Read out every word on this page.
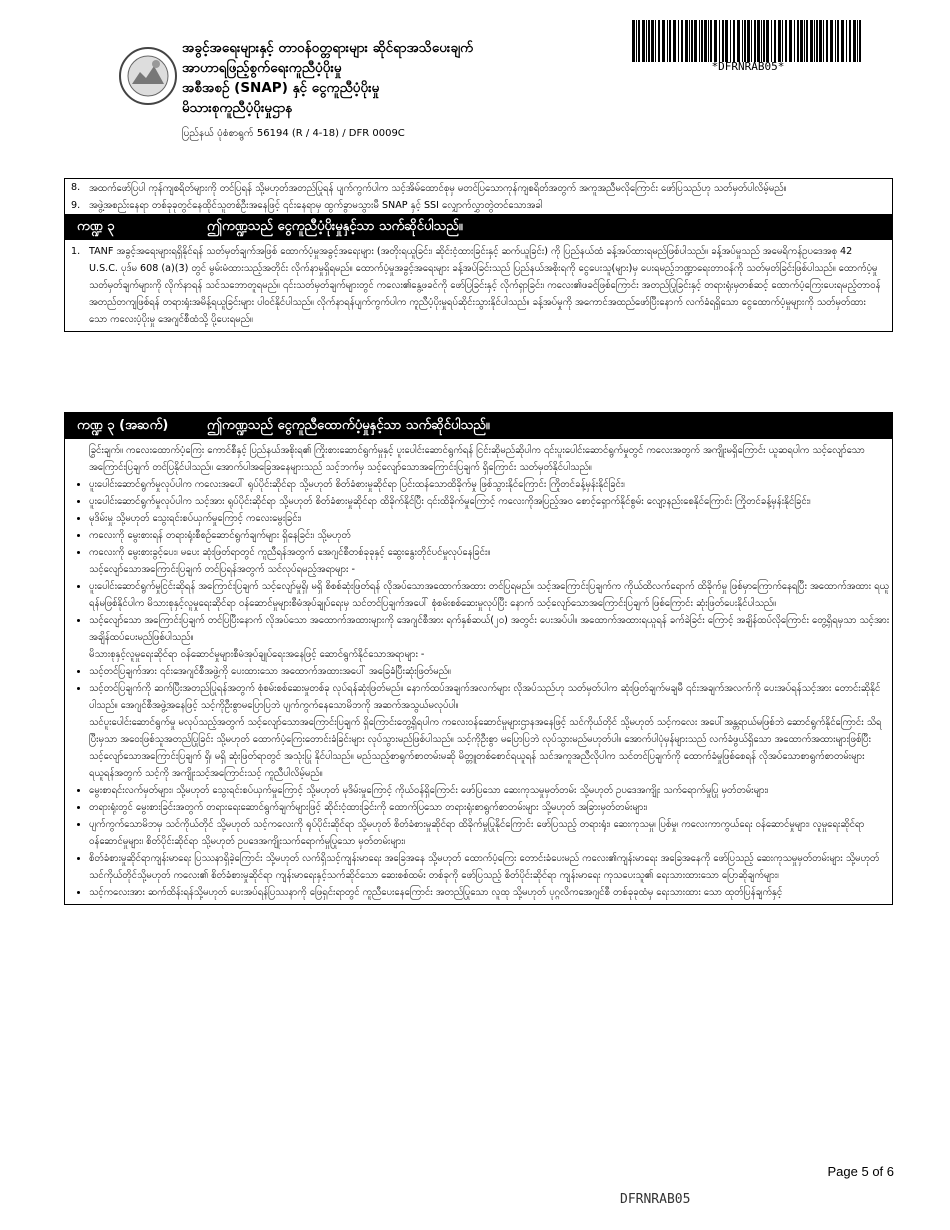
အခွင့်အရေးများနှင့် တာဝန်ဝတ္တရားများ ဆိုင်ရာအသိပေးချက်
အာဟာရဖြည့်စွက်ရေးကူညီပံ့ပိုးမှု
အစီအစဉ် (SNAP) နှင့် ငွေကူညီပံ့ပိုးမှု
မိသားစုကူညီပံ့ပိုးမှုဌာန
ပြည်နယ် ပုံစံစာရွက် 56194 (R / 4-18) / DFR 0009C
*DFRNRAB05*
8. အထက်ဖော်ပြပါ ကုန်ကျစရိတ်များကို တင်ပြရန် သို့မဟုတ်အတည်ပြုရန် ပျက်ကွက်ပါက သင့်အိမ်ထောင်စုမှ မတင်ပြသောကုန်ကျစရိတ်အတွက် အကူအညီမလိုကြောင်း ဖော်ပြသည်ဟု သတ်မှတ်ပါလိမ့်မည်။
9. အဖွဲ့အစည်းနေရာ တစ်ခုခုတွင်နေထိုင်သူတစ်ဦးအနေဖြင့် ၎င်းနေရာမှ ထွက်ခွာမသွားမီ SNAP နှင့် SSI လျှောက်လွှာတွဲတင်သောအခါ
ကဏ္ဍ ၃	ဤကဏ္ဍသည် ငွေကူညီပံ့ပိုးမှုနှင့်သာ သက်ဆိုင်ပါသည်။
1. TANF အခွင့်အရေးများရရှိနိုင်ရန် သတ်မှတ်ချက်အဖြစ် ထောက်ပံ့မှုအခွင့်အရေးများ (အတိုးရယူခြင်း၊ ဆိုင်းငံ့ထားခြင်းနှင့် ဆက်ယူခြင်း) ကို ပြည်နယ်ထံ ခန့်အပ်ထားရမည်ဖြစ်ပါသည်။ ခန့်အပ်မှုသည် အမေရိကန်ဥပဒေအစု 42 U.S.C. ပုဒ်မ 608 (a)(3) တွင် မွမ်းမံထားသည့်အတိုင်း လိုက်နာမှုရှိရမည်။ ထောက်ပံ့မှုအခွင့်အရေးများ ခန့်အပ်ခြင်းသည် ပြည်နယ်အစိုးရကို ငွေပေးသူ(များ)မှ ပေးရမည့်ဘဏ္ဍာရေးတာဝန်ကို သတ်မှတ်ခြင်းဖြစ်ပါသည်။ ထောက်ပံ့မှုသတ်မှတ်ချက်များကို လိုက်နာရန် သင်သဘောတူရမည်။ ၎င်းသတ်မှတ်ချက်များတွင် ကလေး၏နွေ့ဖခင်ကို ဖော်ပြခြင်းနှင့် လိုက်ရှာခြင်း၊ ကလေး၏ဖခင်ဖြစ်ကြောင်း အတည်ပြုခြင်းနှင့် တရားရုံးမှတစ်ဆင့် ထောက်ပံ့ကြေးပေးရမည့်တာဝန် အတည်တကျဖြစ်ရန် တရားရုံးအမိန့်ရယူခြင်းများ ပါဝင်နိုင်ပါသည်။ လိုက်နာရန်ပျက်ကွက်ပါက ကူညီပံ့ပိုးမှုရပ်ဆိုင်းသွားနိုင်ပါသည်။ ခန့်အပ်မှုကို အကောင်အထည်ဖော်ပြီးနောက် လက်ခံရရှိသော ငွေထောက်ပံ့မှုများကို သတ်မှတ်ထားသော ကလေးပံ့ပိုးမှု အေဂျင်စီထံသို့ ပို့ပေးရမည်။
ကဏ္ဍ ၃ (အဆက်)	ဤကဏ္ဍသည် ငွေကူညီထောက်ပံ့မှုနှင့်သာ သက်ဆိုင်ပါသည်။
ခြွင်းချက်။ ကလေးထောက်ပံ့ကြေး ကောင်စီနှင့် ပြည်နယ်အစိုးရ၏ ကြိုးစားဆောင်ရွက်မှုနှင့် ပူးပေါင်းဆောင်ရွက်ရန် ငြင်းဆိုမည်ဆိုပါက ၎င်းပူးပေါင်းဆောင်ရွက်မှုတွင် ကလေးအတွက် အကျိုးမရှိကြောင်း ယူဆရပါက သင့်လျော်သော အကြောင်းပြချက် တင်ပြနိုင်ပါသည်။ အောက်ပါအခြေအနေများသည် သင့်ဘက်မှ သင့်လျော်သောအကြောင်းပြချက် ရှိကြောင်း သတ်မှတ်နိုင်ပါသည်။
• ပူးပေါင်းဆောင်ရွက်မှုလုပ်ပါက ကလေးအပေါ် ရုပ်ပိုင်းဆိုင်ရာ သို့မဟုတ် စိတ်ခံစားမှုဆိုင်ရာ ပြင်းထန်သောထိခိုက်မှု ဖြစ်သွားနိုင်ကြောင်း ကြိုတင်ခန့်မှန်းနိုင်ခြင်း၊
• ပူးပေါင်းဆောင်ရွက်မှုလုပ်ပါက သင့်အား ရုပ်ပိုင်းဆိုင်ရာ သို့မဟုတ် စိတ်ခံစားမှုဆိုင်ရာ ထိခိုက်နိုင်ပြီး ၎င်းထိခိုက်မှုကြောင့် ကလေးကိုအပြည့်အဝ စောင့်ရှောက်နိုင်စွမ်း လျော့နည်းစေနိုင်ကြောင်း ကြိုတင်ခန့်မှန်းနိုင်ခြင်း၊
• မုဒိမ်းမှု သို့မဟုတ် သွေးရင်းစပ်ယှက်မှုကြောင့် ကလေးမွေးခြင်း၊
• ကလေးကို မွေးစားရန် တရားရုံးစီစဉ်ဆောင်ရွက်ချက်များ ရှိနေခြင်း၊ သို့မဟုတ်
• ကလေးကို မွေးစားခွင့်ပေး၊ မပေး ဆုံးဖြတ်ရာတွင် ကူညီရန်အတွက် အေဂျင်စီတစ်ခုခုနှင့် ဆွေးနွေးတိုင်ပင်မှုလုပ်နေခြင်း။
သင့်လျော်သောအကြောင်းပြချက် တင်ပြရန်အတွက် သင်လုပ်ရမည့်အရာများ -
• ပူးပေါင်းဆောင်ရွက်မှုငြင်းဆိုရန် အကြောင်းပြချက် သင့်လျော်မှုရှိ၊ မရှိ စိစစ်ဆုံးဖြတ်ရန် လိုအပ်သောအထောက်အထား တင်ပြရမည်။ သင့်အကြောင်းပြချက်က ကိုယ်ထိလက်ရောက် ထိခိုက်မှု ဖြစ်မှာကြောက်နေရပြီး အထောက်အထား ရယူရန်မဖြစ်နိုင်ပါက မိသားစုနှင့်လူမှုရေးဆိုင်ရာ ဝန်ဆောင်မှုများစီမံအုပ်ချုပ်ရေးမှ သင်တင်ပြချက်အပေါ် စုံစမ်းစစ်ဆေးမှုလုပ်ပြီး နောက် သင့်လျော်သောအကြောင်းပြချက် ဖြစ်ကြောင်း ဆုံးဖြတ်ပေးနိုင်ပါသည်။
• သင့်လျော်သော အကြောင်းပြချက် တင်ပြပြီးနောက် လိုအပ်သော အထောက်အထားများကို အေဂျင်စီအား ရက်နှစ်ဆယ်(၂၀) အတွင်း ပေးအပ်ပါ။ အထောက်အထားရယူရန် ခက်ခဲခြင်း ကြောင့် အချိန်ထပ်လိုကြောင်း တွေ့ရှိရမှသာ သင့်အား အချိန်ထပ်ပေးမည်ဖြစ်ပါသည်။
မိသားစုနှင့်လူမှုရေးဆိုင်ရာ ဝန်ဆောင်မှုများစီမံအုပ်ချုပ်ရေးအနေဖြင့် ဆောင်ရွက်နိုင်သောအရာများ -
• သင့်တင်ပြချက်အား ၎င်းအေဂျင်စီအဖွဲ့ကို ပေးထားသော အထောက်အထားအပေါ် အခြေခံပြီးဆုံးဖြတ်မည်။
• သင့်တင်ပြချက်ကို ဆက်ပြီးအတည်ပြုရန်အတွက် စုံစမ်းစစ်ဆေးမှုတစ်ခု လုပ်ရန်ဆုံးဖြတ်မည်။ နောက်ထပ်အချက်အလက်များ လိုအပ်သည်ဟု သတ်မှတ်ပါက ဆုံးဖြတ်ချက်မချမီ ၎င်းအချက်အလက်ကို ပေးအပ်ရန်သင့်အား တောင်းဆိုနိုင်ပါသည်။ အေဂျင်စီအဖွဲ့အနေဖြင့် သင့်ကိုဦးစွာမပြောပြဘဲ ပျက်ကွက်နေသောမိဘကို အဆက်အသွယ်မလုပ်ပါ။
သင်ပူးပေါင်းဆောင်ရွက်မှု မလုပ်သည့်အတွက် သင့်လျော်သောအကြောင်းပြချက် ရှိကြောင်းတွေ့ရှိရပါက ကလေးဝန်ဆောင်မှုများဌာနအနေဖြင့် သင်ကိုယ်တိုင် သို့မဟုတ် သင့်ကလေး အပေါ်အန္တရာယ်မဖြစ်ဘဲ ဆောင်ရွက်နိုင်ကြောင်း သိရပြီးမှသာ အဝေးဖြစ်သူအတည်ပြုခြင်း သို့မဟုတ် ထောက်ပံ့ကြေးတောင်းခံခြင်းများ လုပ်သွားမည်ဖြစ်ပါသည်။ သင့်ကိုဦးစွာ မပြောပြဘဲ လုပ်သွားမည်မဟုတ်ပါ။ အောက်ပါပုံမှန်များသည် လက်ခံဖွယ်ရှိသော အထောက်အထားများဖြစ်ပြီး သင့်လျော်သောအကြောင်းပြချက် ရှိ၊ မရှိ ဆုံးဖြတ်ရာတွင် အသုံးပြု နိုင်ပါသည်။ မည်သည့်စာရွက်စာတမ်းမဆို မိတ္တူတစ်စောင်ရယူရန် သင်အကူအညီလိုပါက သင်တင်ပြချက်ကို ထောက်ခံမှုဖြစ်စေရန် လိုအပ်သောစာရွက်စာတမ်းများ ရယူရန်အတွက် သင့်ကို အကျိုးသင့်အကြောင်းသင့် ကူညီပါလိမ့်မည်။
• မွေးစာရင်းလက်မှတ်များ၊ သို့မဟုတ် သွေးရင်းစပ်ယှက်မှုကြောင့် သို့မဟုတ် မုဒိမ်းမှုကြောင့် ကိုယ်ဝန်ရှိကြောင်း ဖော်ပြသော ဆေးကုသမှုမှတ်တမ်း သို့မဟုတ် ဥပဒေအကျိုး သက်ရောက်မှုပြု မှတ်တမ်းများ၊
• တရားရုံးတွင် မွေးစားခြင်းအတွက် တရားရေးဆောင်ရွက်ချက်များဖြင့် ဆိုင်းငံ့ထားခြင်းကို ထောက်ပြသော တရားရုံးစာရွက်စာတမ်းများ သို့မဟုတ် အခြားမှတ်တမ်းများ၊
• ပျက်ကွက်သောမိဘမှ သင်ကိုယ်တိုင် သို့မဟုတ် သင့်ကလေးကို ရုပ်ပိုင်းဆိုင်ရာ သို့မဟုတ် စိတ်ခံစားမှုဆိုင်ရာ ထိခိုက်မှုပြုနိုင်ကြောင်း ဖော်ပြသည့် တရားရုံး၊ ဆေးကုသမှု၊ ပြစ်မှု၊ ကလေးကာကွယ်ရေး ဝန်ဆောင်မှုများ၊ လူမှုရေးဆိုင်ရာဝန်ဆောင်မှုများ၊ စိတ်ပိုင်းဆိုင်ရာ သို့မဟုတ် ဥပဒေအကျိုးသက်ရောက်မှုပြုသော မှတ်တမ်းများ၊
• စိတ်ခံစားမှုဆိုင်ရာကျန်းမာရေး ပြဿနာရှိခဲ့ကြောင်း သို့မဟုတ် လက်ရှိသင့်ကျန်းမာရေး အခြေအနေ သို့မဟုတ် ထောက်ပံ့ကြေး တောင်းခံပေးမည် ကလေး၏ကျန်းမာရေး အခြေအနေကို ဖော်ပြသည့် ဆေးကုသမှုမှတ်တမ်းများ သို့မဟုတ် သင်ကိုယ်တိုင်သို့မဟုတ် ကလေး၏ စိတ်ခံစားမှုဆိုင်ရာ ကျန်းမာရေးနှင့်သက်ဆိုင်သော ဆေးစစ်ထမ်း တစ်ခုကို ဖော်ပြသည့် စိတ်ပိုင်းဆိုင်ရာ ကျန်းမာရေး ကုသပေးသူ၏ ရေးသားထားသော ပြောဆိုချက်များ၊
• သင့်ကလေးအား ဆက်ထိန်းရန်သို့မဟုတ် ပေးအပ်ရန်ပြဿနာကို ဖြေရှင်းရာတွင် ကူညီပေးနေကြောင်း အတည်ပြုသော လူထု သို့မဟုတ် ပုဂ္ဂလိကအေဂျင်စီ တစ်ခုခုထံမှ ရေးသားထား သော ထုတ်ပြန်ချက်နှင့်
Page 5 of 6
DFRNRAB05
